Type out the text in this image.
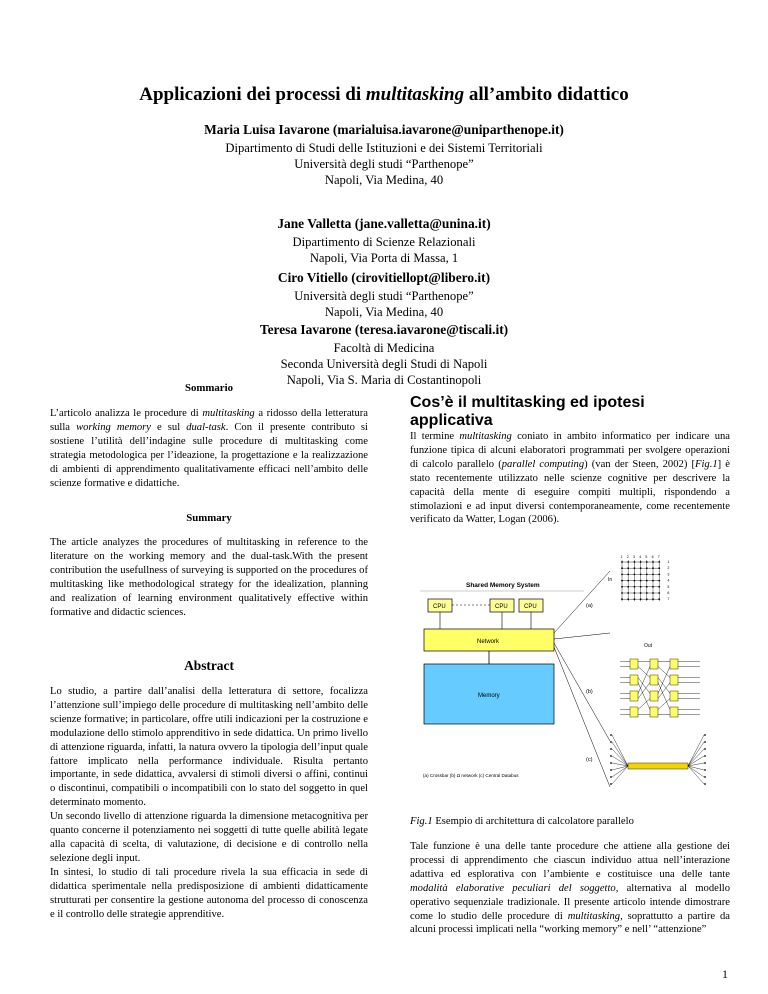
Applicazioni dei processi di multitasking all’ambito didattico
Maria Luisa Iavarone (marialuisa.iavarone@uniparthenope.it)
Dipartimento di Studi delle Istituzioni e dei Sistemi Territoriali
Università degli studi “Parthenope”
Napoli, Via Medina, 40
Jane Valletta (jane.valletta@unina.it)
Dipartimento di Scienze Relazionali
Napoli, Via Porta di Massa, 1
Ciro Vitiello (cirovitiellopt@libero.it)
Università degli studi “Parthenope”
Napoli, Via Medina, 40
Teresa Iavarone (teresa.iavarone@tiscali.it)
Facoltà di Medicina
Seconda Università degli Studi di Napoli
Napoli, Via S. Maria di Costantinopoli
Sommario
L’articolo analizza le procedure di multitasking a ridosso della letteratura sulla working memory e sul dual-task. Con il presente contributo si sostiene l’utilità dell’indagine sulle procedure di multitasking come strategia metodologica per l’ideazione, la progettazione e la realizzazione di ambienti di apprendimento qualitativamente efficaci nell’ambito delle scienze formative e didattiche.
Summary
The article analyzes the procedures of multitasking in reference to the literature on the working memory and the dual-task.With the present contribution the usefullness of surveying is supported on the procedures of multitasking like methodological strategy for the idealization, planning and realization of learning environment qualitatively effective within formative and didactic sciences.
Abstract

Lo studio, a partire dall’analisi della letteratura di settore, focalizza l’attenzione sull’impiego delle procedure di multitasking nell’ambito delle scienze formative; in particolare, offre utili indicazioni per la costruzione e modulazione dello stimolo apprenditivo in sede didattica. Un primo livello di attenzione riguarda, infatti, la natura ovvero la tipologia dell’input quale fattore implicato nella performance individuale. Risulta pertanto importante, in sede didattica, avvalersi di stimoli diversi o affini, continui o discontinui, compatibili o incompatibili con lo stato del soggetto in quel determinato momento.

Un secondo livello di attenzione riguarda la dimensione metacognitiva per quanto concerne il potenziamento nei soggetti di tutte quelle abilità legate alla capacità di scelta, di valutazione, di decisione e di controllo nella selezione degli input.

In sintesi, lo studio di tali procedure rivela la sua efficacia in sede di didattica sperimentale nella predisposizione di ambienti didatticamente strutturati per consentire la gestione autonoma del processo di conoscenza e il controllo delle strategie apprenditive.

Cos’è il multitasking ed ipotesi applicativa
Il termine multitasking coniato in ambito informatico per indicare una funzione tipica di alcuni elaboratori programmati per svolgere operazioni di calcolo parallelo (parallel computing) (van der Steen, 2002) [Fig.1] è stato recentemente utilizzato nelle scienze cognitive per descrivere la capacità della mente di eseguire compiti multipli, rispondendo a stimolazioni e ad input diversi contemporaneamente, come recentemente verificato da Watter, Logan (2006).
Shared Memory System
CPU	CPU	CPU
Network
Memory
(a) Crossbar (b) Ω network (c) Central Databus
(a)
(b)
(c)
1
1
2
2
3
3
4
4
5
5
6
6
7
7
In
Out
Fig.1 Esempio di architettura di calcolatore parallelo
Tale funzione è una delle tante procedure che attiene alla gestione dei processi di apprendimento che ciascun individuo attua nell’interazione adattiva ed esplorativa con l’ambiente e costituisce una delle tante modalità elaborative peculiari del soggetto, alternativa al modello operativo sequenziale tradizionale. Il presente articolo intende dimostrare come lo studio delle procedure di multitasking, soprattutto a partire da alcuni processi implicati nella “working memory” e nell’ “attenzione”
1
